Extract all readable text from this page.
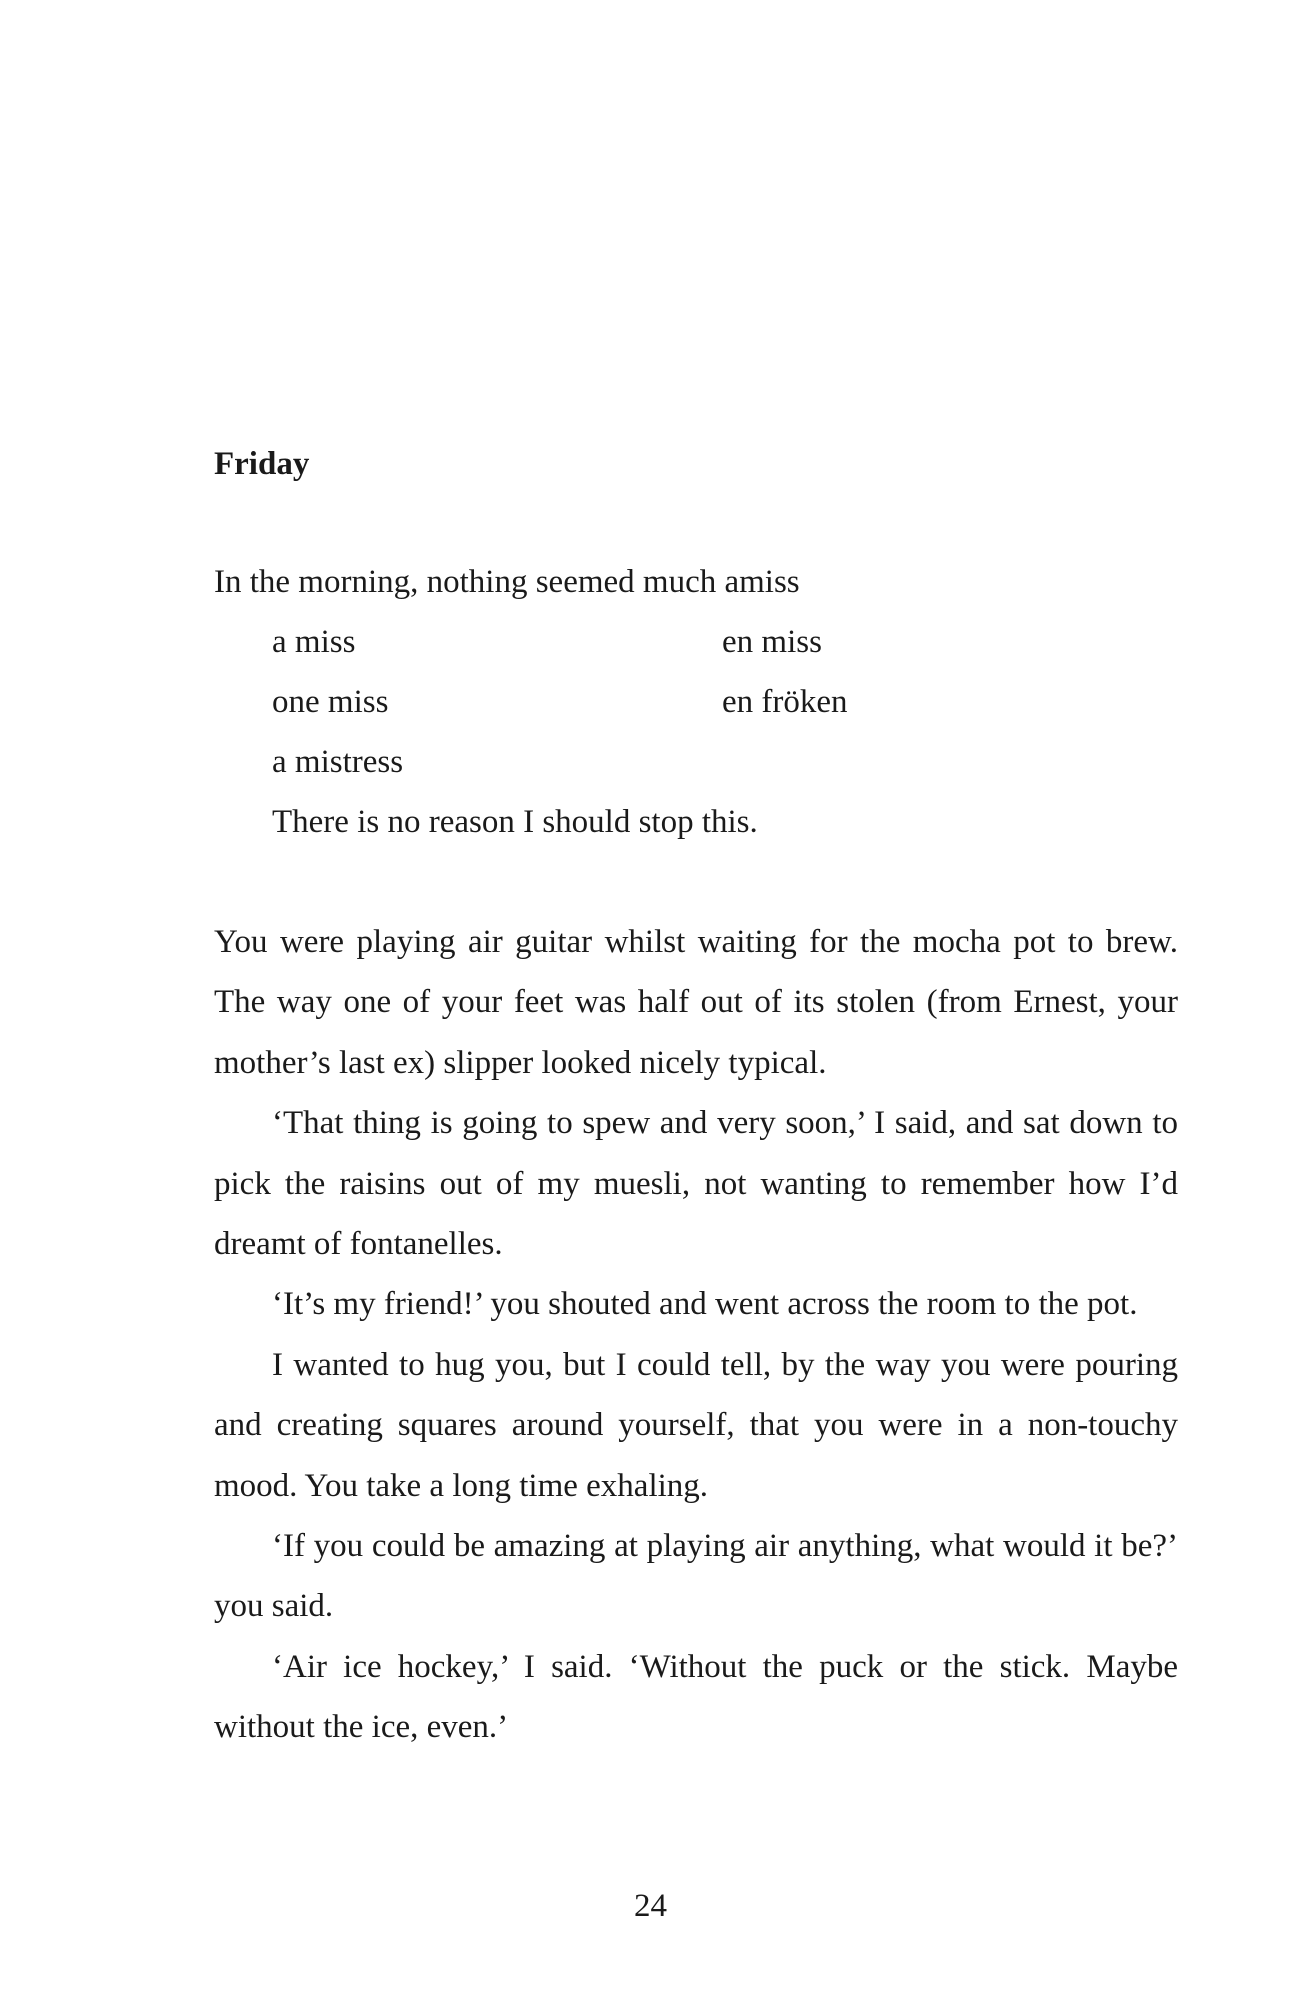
Friday

In the morning, nothing seemed much amiss

a miss	en miss

one miss	en fröken

a mistress

There is no reason I should stop this.

You were playing air guitar whilst waiting for the mocha pot to brew. The way one of your feet was half out of its stolen (from Ernest, your mother’s last ex) slipper looked nicely typical.

‘That thing is going to spew and very soon,’ I said, and sat down to pick the raisins out of my muesli, not wanting to remember how I’d dreamt of fontanelles.

‘It’s my friend!’ you shouted and went across the room to the pot.

I wanted to hug you, but I could tell, by the way you were pouring and creating squares around yourself, that you were in a non-touchy mood. You take a long time exhaling.

‘If you could be amazing at playing air anything, what would it be?’ you said.

‘Air ice hockey,’ I said. ‘Without the puck or the stick. Maybe without the ice, even.’

24
